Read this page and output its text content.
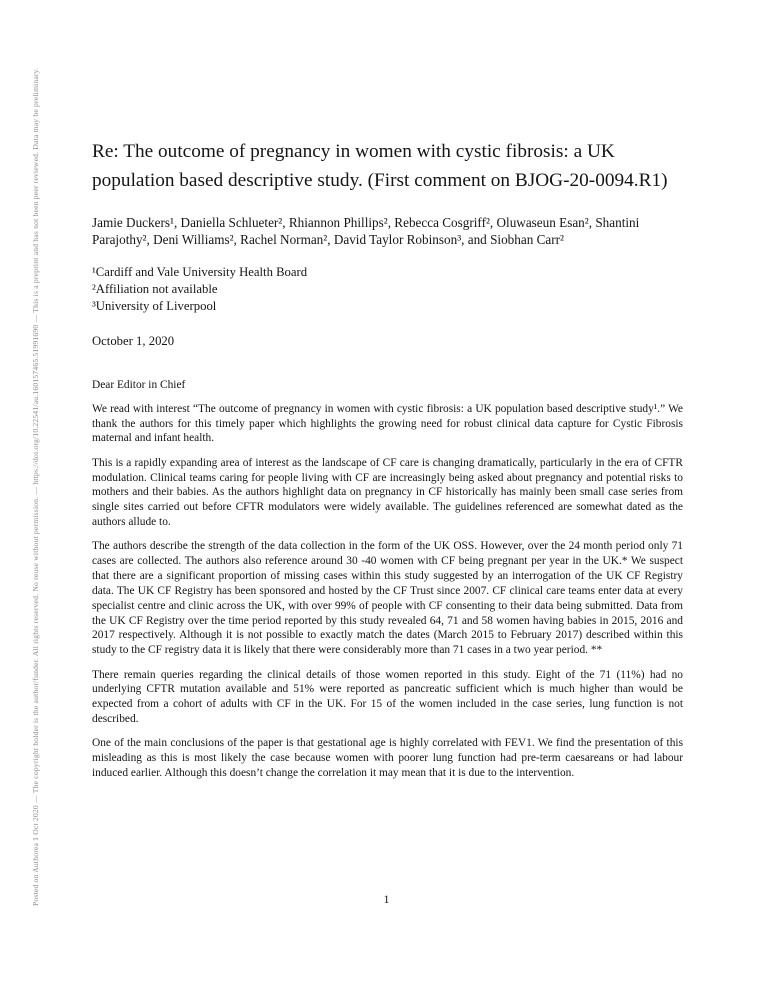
Posted on Authorea 1 Oct 2020 — The copyright holder is the author/funder. All rights reserved. No reuse without permission. — https://doi.org/10.22541/au.160157465.51991690 — This is a preprint and has not been peer reviewed. Data may be preliminary.	Re: The outcome of pregnancy in women with cystic fibrosis: a UK population based descriptive study. (First comment on BJOG-20-0094.R1)
Jamie Duckers¹, Daniella Schlueter², Rhiannon Phillips², Rebecca Cosgriff², Oluwaseun Esan², Shantini Parajothy², Deni Williams², Rachel Norman², David Taylor Robinson³, and Siobhan Carr²
¹Cardiff and Vale University Health Board
²Affiliation not available
³University of Liverpool
October 1, 2020
Dear Editor in Chief

We read with interest “The outcome of pregnancy in women with cystic fibrosis: a UK population based descriptive study¹.” We thank the authors for this timely paper which highlights the growing need for robust clinical data capture for Cystic Fibrosis maternal and infant health.

This is a rapidly expanding area of interest as the landscape of CF care is changing dramatically, particularly in the era of CFTR modulation. Clinical teams caring for people living with CF are increasingly being asked about pregnancy and potential risks to mothers and their babies. As the authors highlight data on pregnancy in CF historically has mainly been small case series from single sites carried out before CFTR modulators were widely available. The guidelines referenced are somewhat dated as the authors allude to.

The authors describe the strength of the data collection in the form of the UK OSS. However, over the 24 month period only 71 cases are collected. The authors also reference around 30 -40 women with CF being pregnant per year in the UK.* We suspect that there are a significant proportion of missing cases within this study suggested by an interrogation of the UK CF Registry data. The UK CF Registry has been sponsored and hosted by the CF Trust since 2007. CF clinical care teams enter data at every specialist centre and clinic across the UK, with over 99% of people with CF consenting to their data being submitted. Data from the UK CF Registry over the time period reported by this study revealed 64, 71 and 58 women having babies in 2015, 2016 and 2017 respectively. Although it is not possible to exactly match the dates (March 2015 to February 2017) described within this study to the CF registry data it is likely that there were considerably more than 71 cases in a two year period. **

There remain queries regarding the clinical details of those women reported in this study. Eight of the 71 (11%) had no underlying CFTR mutation available and 51% were reported as pancreatic sufficient which is much higher than would be expected from a cohort of adults with CF in the UK. For 15 of the women included in the case series, lung function is not described.

One of the main conclusions of the paper is that gestational age is highly correlated with FEV1. We find the presentation of this misleading as this is most likely the case because women with poorer lung function had pre-term caesareans or had labour induced earlier. Although this doesn’t change the correlation it may mean that it is due to the intervention.

1
